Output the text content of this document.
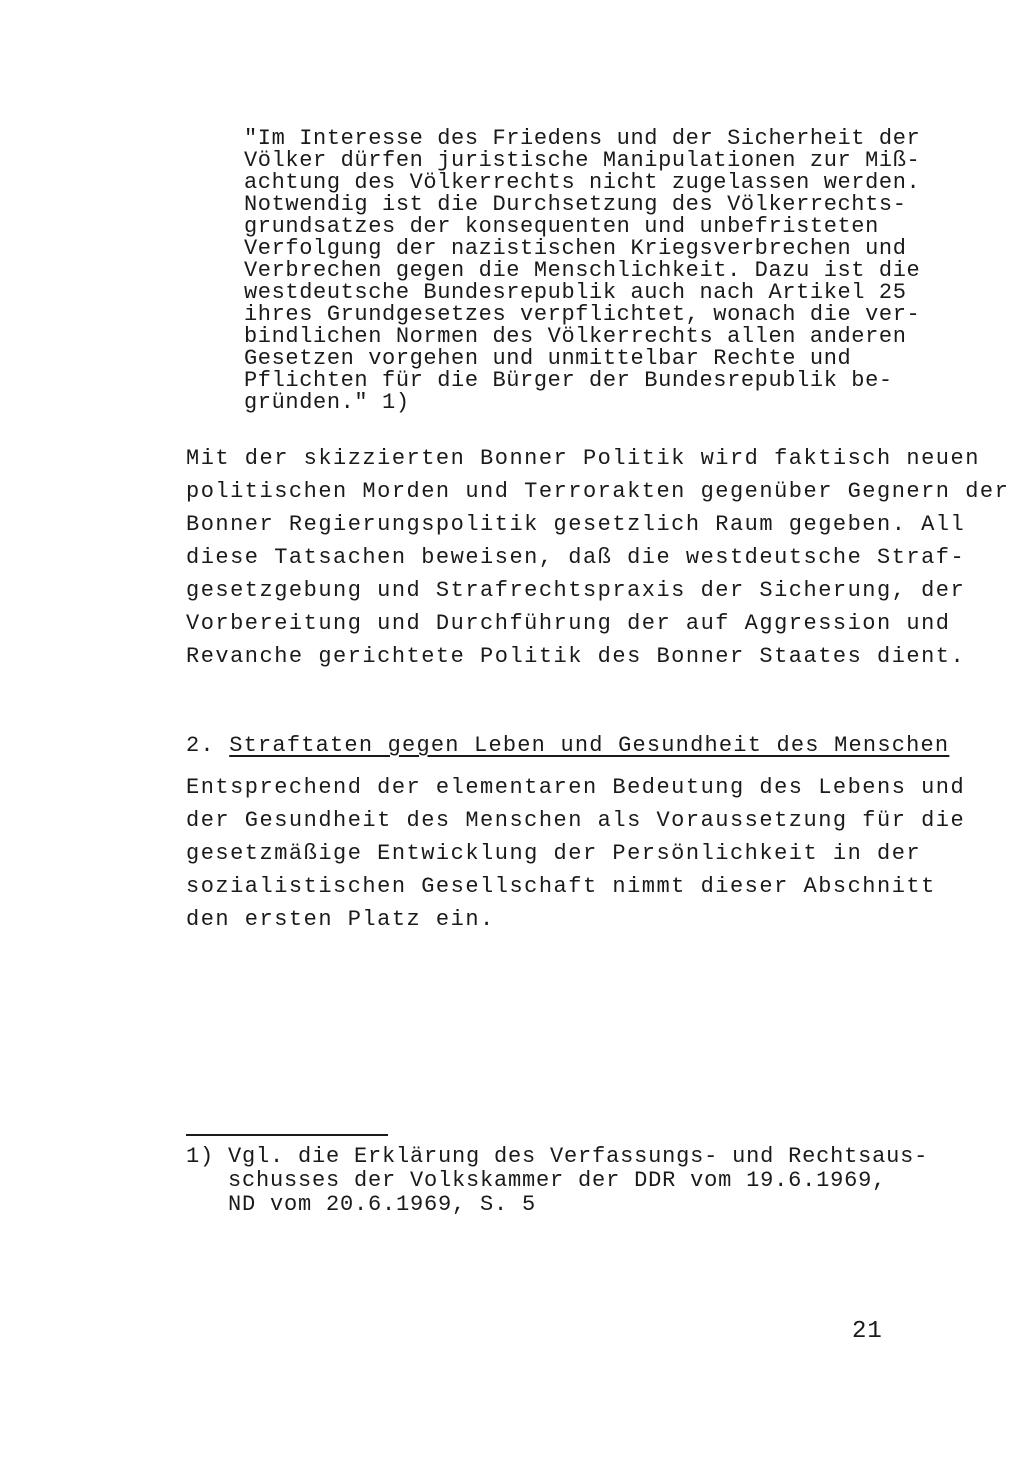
"Im Interesse des Friedens und der Sicherheit der
Völker dürfen juristische Manipulationen zur Miß-
achtung des Völkerrechts nicht zugelassen werden.
Notwendig ist die Durchsetzung des Völkerrechts-
grundsatzes der konsequenten und unbefristeten
Verfolgung der nazistischen Kriegsverbrechen und
Verbrechen gegen die Menschlichkeit. Dazu ist die
westdeutsche Bundesrepublik auch nach Artikel 25
ihres Grundgesetzes verpflichtet, wonach die ver-
bindlichen Normen des Völkerrechts allen anderen
Gesetzen vorgehen und unmittelbar Rechte und
Pflichten für die Bürger der Bundesrepublik be-
gründen." 1)
Mit der skizzierten Bonner Politik wird faktisch neuen
politischen Morden und Terrorakten gegenüber Gegnern der
Bonner Regierungspolitik gesetzlich Raum gegeben. All
diese Tatsachen beweisen, daß die westdeutsche Straf-
gesetzgebung und Strafrechtspraxis der Sicherung, der
Vorbereitung und Durchführung der auf Aggression und
Revanche gerichtete Politik des Bonner Staates dient.
2. Straftaten gegen Leben und Gesundheit des Menschen
Entsprechend der elementaren Bedeutung des Lebens und
der Gesundheit des Menschen als Voraussetzung für die
gesetzmäßige Entwicklung der Persönlichkeit in der
sozialistischen Gesellschaft nimmt dieser Abschnitt
den ersten Platz ein.
1) Vgl. die Erklärung des Verfassungs- und Rechtsaus-
schusses der Volkskammer der DDR vom 19.6.1969,
ND vom 20.6.1969, S. 5
21
